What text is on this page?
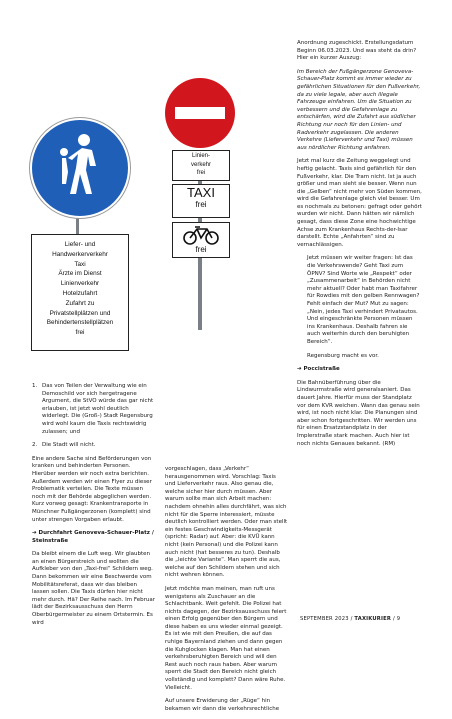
Liefer- und
Handwerkerverkehr
Taxi
Ärzte im Dienst
Linienverkehr
Hotelzufahrt
Zufahrt zu
Privatstellplätzen und
Behindertenstellplätzen
frei
Linien-
verkehr
frei
TAXI
frei
frei
1. Das von Teilen der Verwaltung wie ein Demoschild vor sich hergetragene Argument, die StVO würde das gar nicht erlauben, ist jetzt wohl deutlich widerlegt. Die (Groß-) Stadt Regensburg wird wohl kaum die Taxis rechtswidrig zulassen; und
2. Die Stadt will nicht.

Eine andere Sache sind Beförderungen von kranken und behinderten Personen. Hierüber werden wir noch extra berichten. Außerdem werden wir einen Flyer zu dieser Problematik verteilen. Die Texte müssen noch mit der Behörde abgeglichen werden. Kurz vorweg gesagt: Krankentransporte in Münchner Fußgängerzonen (komplett) sind unter strengen Vorgaben erlaubt.

➔ Durchfahrt Genoveva-Schauer-Platz / Steinstraße

Da bleibt einem die Luft weg. Wir glaubten an einen Bürgerstreich und wollten die Aufkleber von den „Taxi-frei“ Schildern weg. Dann bekommen wir eine Beschwerde vom Mobilitätsreferat, dass wir das bleiben lassen sollen. Die Taxis dürfen hier nicht mehr durch. Hä? Der Reihe nach. Im Februar lädt der Bezirksausschuss den Herrn Oberbürgermeister zu einem Ortstermin. Es wird

vorgeschlagen, dass „Verkehr“ herausgenommen wird. Vorschlag: Taxis und Lieferverkehr raus. Also genau die, welche sicher hier durch müssen. Aber warum sollte man sich Arbeit machen: nachdem ohnehin alles durchfährt, was sich nicht für die Sperre interessiert, müsste deutlich kontrolliert werden. Oder man stellt ein festes Geschwindigkeits-Messgerät (spricht: Radar) auf. Aber: die KVÜ kann nicht (kein Personal) und die Polizei kann auch nicht (hat besseres zu tun). Deshalb die „leichte Variante“. Man sperrt die aus, welche auf den Schildern stehen und sich nicht wehren können.

Jetzt möchte man meinen, man ruft uns wenigstens als Zuschauer an die Schlachtbank. Weit gefehlt. Die Polizei hat nichts dagegen, der Bezirksausschuss feiert einen Erfolg gegenüber den Bürgern und diese haben es uns wieder einmal gezeigt. Es ist wie mit den Preußen, die auf das ruhige Bayernland ziehen und dann gegen die Kuhglocken klagen. Man hat einen verkehrsberuhigten Bereich und will den Rest auch noch raus haben. Aber warum sperrt die Stadt den Bereich nicht gleich vollständig und komplett? Dann wäre Ruhe. Vielleicht.

Auf unsere Erwiderung der „Rüge“ hin bekamen wir dann die verkehrsrechtliche

Anordnung zugeschickt. Erstellungsdatum Beginn 06.03.2023. Und was steht da drin? Hier ein kurzer Auszug:

Im Bereich der Fußgängerzone Genoveva-Schauer-Platz kommt es immer wieder zu gefährlichen Situationen für den Fußverkehr, da zu viele legale, aber auch illegale Fahrzeuge einfahren. Um die Situation zu verbessern und die Gefahrenlage zu entschärfen, wird die Zufahrt aus südlicher Richtung nur noch für den Linien- und Radverkehr zugelassen. Die anderen Verkehre (Lieferverkehr und Taxi) müssen aus nördlicher Richtung anfahren.

Jetzt mal kurz die Zeitung weggelegt und heftig gelacht. Taxis sind gefährlich für den Fußverkehr, klar. Die Tram nicht. Ist ja auch größer und man sieht sie besser. Wenn nun die „Gelben“ nicht mehr von Süden kommen, wird die Gefahrenlage gleich viel besser. Um es nochmals zu betonen: gefragt oder gehört wurden wir nicht. Dann hätten wir nämlich gesagt, dass diese Zone eine hochwichtige Achse zum Krankenhaus Rechts-der-Isar darstellt. Echte „Anfahrten“ sind zu vernachlässigen.

Jetzt müssen wir weiter fragen: Ist das die Verkehrswende? Geht Taxi zum ÖPNV? Sind Worte wie „Respekt“ oder „Zusammenarbeit“ in Behörden nicht mehr aktuell? Oder habt man Taxifahrer für Rowdies mit den gelben Rennwagen? Fehlt einfach der Mut? Mut zu sagen: „Nein, jedes Taxi verhindert Privatautos. Und eingeschränkte Personen müssen ins Krankenhaus. Deshalb fahren sie auch weiterhin durch den beruhigten Bereich“.

Regensburg macht es vor.

➔ Poccistraße

Die Bahnüberführung über die Lindwurmstraße wird generalsaniert. Das dauert Jahre. Hierfür muss der Standplatz vor dem KVR weichen. Wann das genau sein wird, ist noch nicht klar. Die Planungen sind aber schon fortgeschritten. Wir werden uns für einen Ersatzstandplatz in der Implerstraße stark machen. Auch hier ist noch nichts Genaues bekannt. (RM)

SEPTEMBER 2023 / TAXIKURIER / 9
